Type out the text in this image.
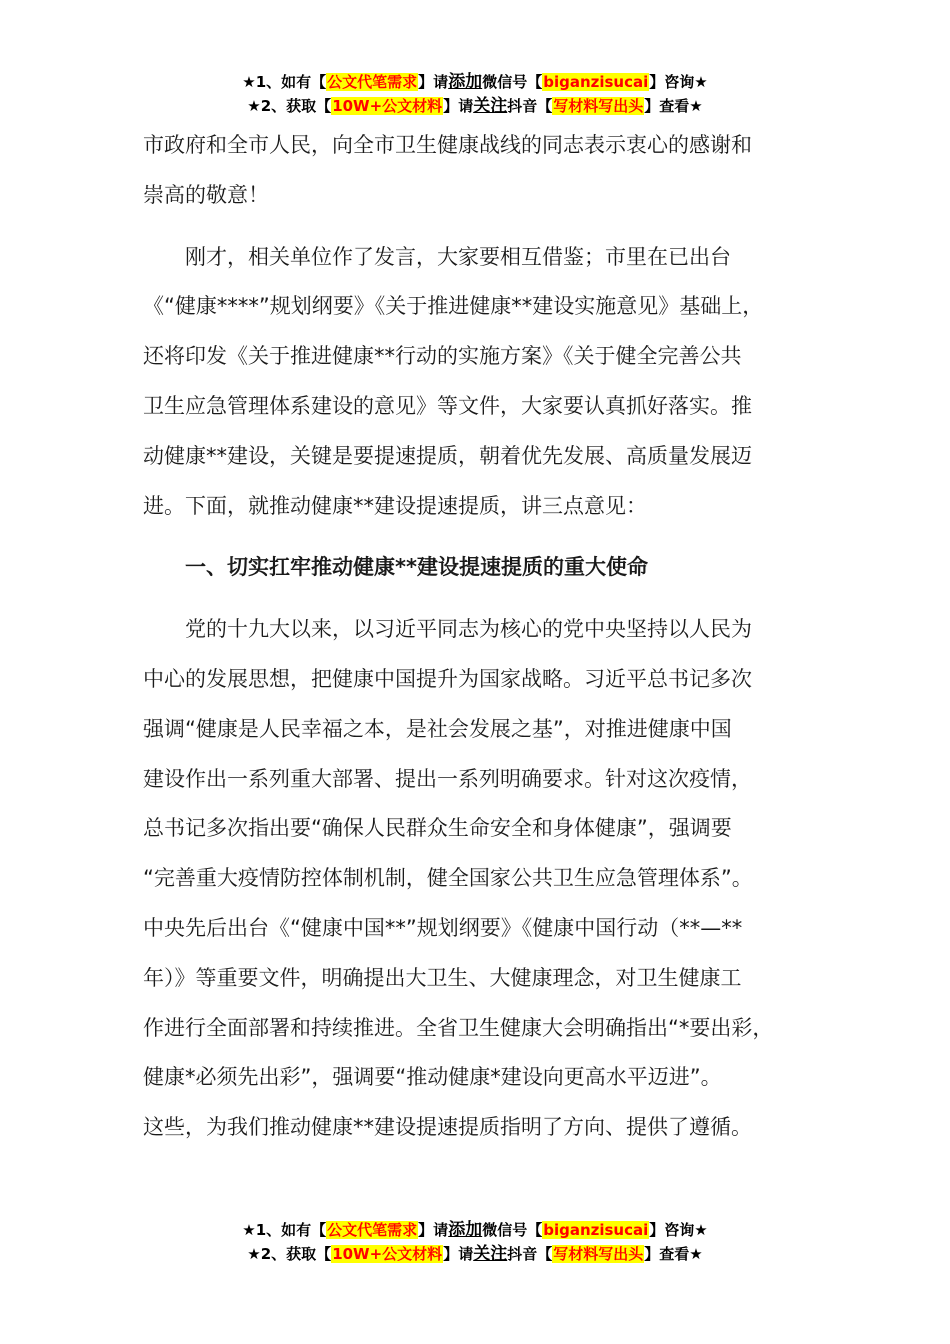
★1、如有【公文代笔需求】请添加微信号【biganzisucai】咨询★
★2、获取【10W+公文材料】请关注抖音【写材料写出头】查看★
市政府和全市人民，向全市卫生健康战线的同志表示衷心的感谢和
崇高的敬意！
刚才，相关单位作了发言，大家要相互借鉴；市里在已出台
《“健康****”规划纲要》《关于推进健康**建设实施意见》基础上，
还将印发《关于推进健康**行动的实施方案》《关于健全完善公共
卫生应急管理体系建设的意见》等文件，大家要认真抓好落实。推
动健康**建设，关键是要提速提质，朝着优先发展、高质量发展迈
进。下面，就推动健康**建设提速提质，讲三点意见：
一、切实扛牢推动健康**建设提速提质的重大使命
党的十九大以来，以习近平同志为核心的党中央坚持以人民为
中心的发展思想，把健康中国提升为国家战略。习近平总书记多次
强调“健康是人民幸福之本，是社会发展之基”，对推进健康中国
建设作出一系列重大部署、提出一系列明确要求。针对这次疫情，
总书记多次指出要“确保人民群众生命安全和身体健康”，强调要
“完善重大疫情防控体制机制，健全国家公共卫生应急管理体系”。
中央先后出台《“健康中国**”规划纲要》《健康中国行动（**—**
年）》等重要文件，明确提出大卫生、大健康理念，对卫生健康工
作进行全面部署和持续推进。全省卫生健康大会明确指出“*要出彩，
健康*必须先出彩”，强调要“推动健康*建设向更高水平迈进”。
这些，为我们推动健康**建设提速提质指明了方向、提供了遵循。
★1、如有【公文代笔需求】请添加微信号【biganzisucai】咨询★
★2、获取【10W+公文材料】请关注抖音【写材料写出头】查看★
